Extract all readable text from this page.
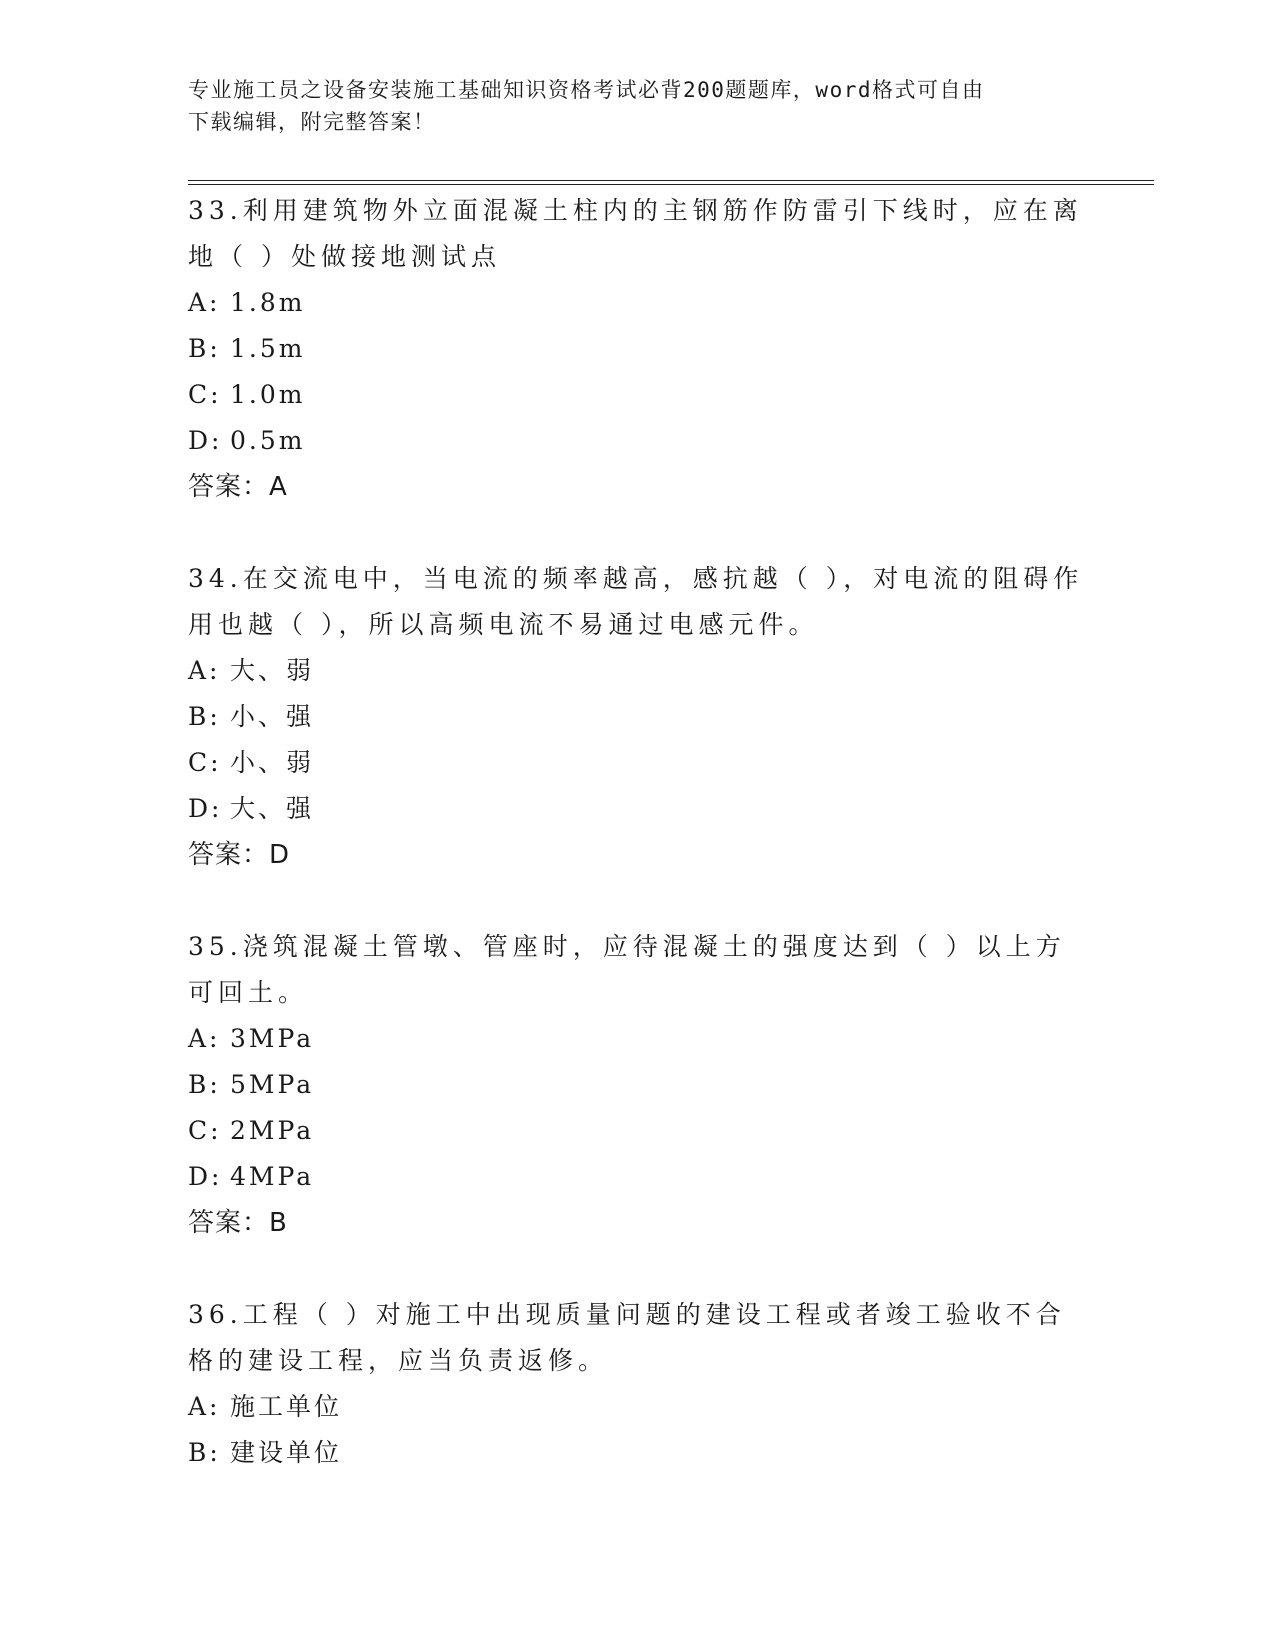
专业施工员之设备安装施工基础知识资格考试必背200题题库，word格式可自由
下载编辑，附完整答案！

33.利用建筑物外立面混凝土柱内的主钢筋作防雷引下线时，应在离地（ ）处做接地测试点

A: 1.8m

B: 1.5m

C: 1.0m

D: 0.5m

答案：A

34.在交流电中，当电流的频率越高，感抗越（ ），对电流的阻碍作用也越（ ），所以高频电流不易通过电感元件。

A: 大、弱

B: 小、强

C: 小、弱

D: 大、强

答案：D

35.浇筑混凝土管墩、管座时，应待混凝土的强度达到（ ）以上方可回土。

A: 3MPa

B: 5MPa

C: 2MPa

D: 4MPa

答案：B

36.工程（ ）对施工中出现质量问题的建设工程或者竣工验收不合格的建设工程，应当负责返修。

A: 施工单位

B: 建设单位
